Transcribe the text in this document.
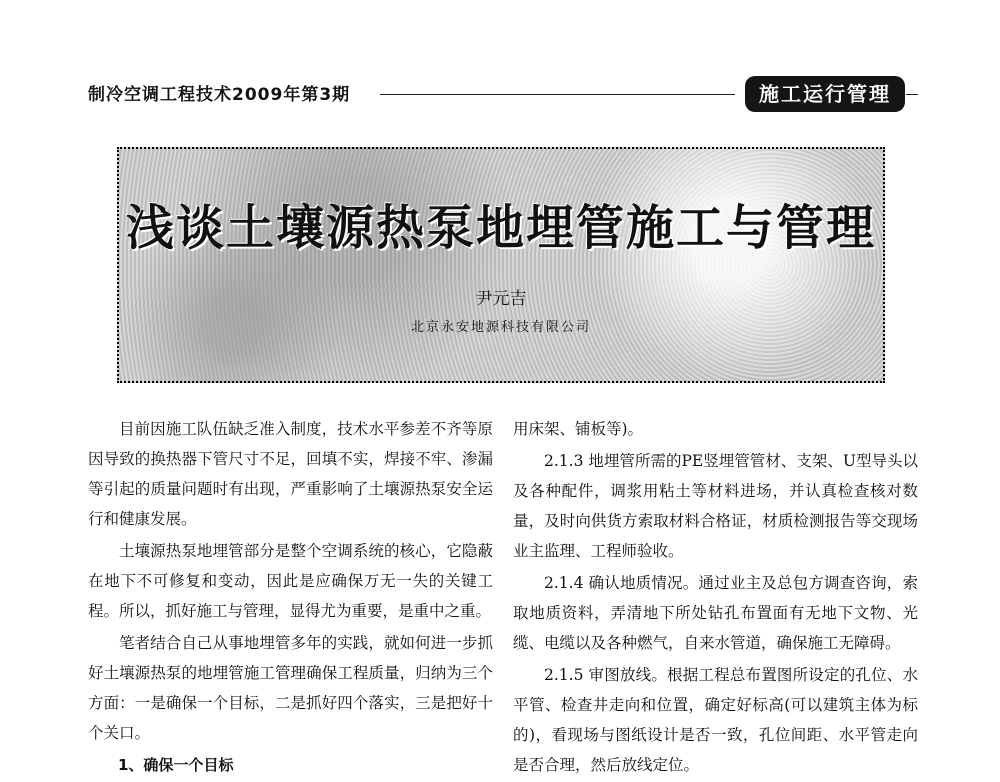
制冷空调工程技术2009年第3期	施工运行管理
浅谈土壤源热泵地埋管施工与管理
尹元吉
北京永安地源科技有限公司

目前因施工队伍缺乏准入制度，技术水平参差不齐等原因导致的换热器下管尺寸不足，回填不实，焊接不牢、渗漏等引起的质量问题时有出现，严重影响了土壤源热泵安全运行和健康发展。

土壤源热泵地埋管部分是整个空调系统的核心，它隐蔽在地下不可修复和变动，因此是应确保万无一失的关键工程。所以，抓好施工与管理，显得尤为重要，是重中之重。

笔者结合自己从事地埋管多年的实践，就如何进一步抓好土壤源热泵的地埋管施工管理确保工程质量，归纳为三个方面：一是确保一个目标，二是抓好四个落实，三是把好十个关口。

1、确保一个目标

用床架、铺板等)。

2.1.3 地埋管所需的PE竖埋管管材、支架、U型导头以及各种配件，调浆用粘土等材料进场，并认真检查核对数量，及时向供货方索取材料合格证，材质检测报告等交现场业主监理、工程师验收。

2.1.4 确认地质情况。通过业主及总包方调查咨询，索取地质资料，弄清地下所处钻孔布置面有无地下文物、光缆、电缆以及各种燃气，自来水管道，确保施工无障碍。

2.1.5 审图放线。根据工程总布置图所设定的孔位、水平管、检查井走向和位置，确定好标高(可以建筑主体为标的)，看现场与图纸设计是否一致，孔位间距、水平管走向是否合理，然后放线定位。
